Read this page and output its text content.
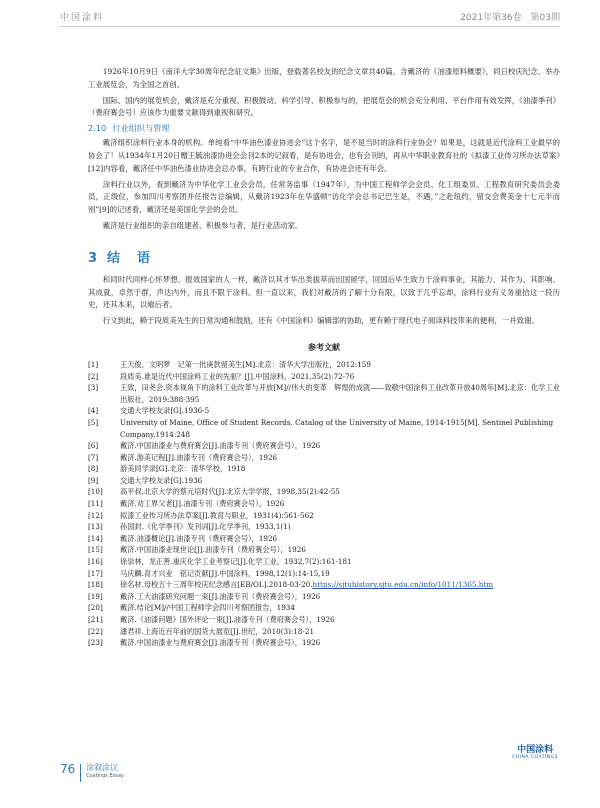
中国涂料	2021年第36卷　第03期

1926年10月9日《南洋大学30周年纪念征文集》出版，登载著名校友的纪念文章共40篇，含戴济的《油漆原料概要》，同日校庆纪念、举办工业展览会，为全国之首创。

国际、国内的展览机会，戴济是充分重视、积极鼓动、科学引导、积极参与的，把展览会的机会充分利用、平台作用有效发挥，《油漆季刊》（费府赛会号）应该作为重要文献得到重视和研究。

2.10 行业组织与管理

戴济组织涂料行业本身的机构。单纯看“中华油色漆业协进会”这个名字，是不是当时的涂料行业协会？如果是，这就是近代涂料工业最早的协会了！从1934年1月20日赠王毓油漆协进会会刊2本的记叙看，是有协进会，也有会刊的，再从中华职业教育社的《拟漆工业传习所办法草案》[12]内容看，戴济任中华油色漆业协进会总办事，有跨行业的专业合作，有协进会还有年会。

涂料行业以外，查到戴济为中华化学工业会会员，任常务监事（1947年），为中国工程师学会会员、化工组委员、工程教育研究委员会委员，正级位，参加四川考察团并任报告总编辑，从戴济1923年在华盛顿“访化学会总书记巴生是，不遇，”之赴纽约，留交会费美金十七元半而别”[9]的记述看，戴济还是美国化学会的会员。

戴济是行业组织的亲自组建者、积极参与者，是行业活动家。

3 结　语

和同时代同样心怀梦想、报效国家的人一样，戴济以其才华出类拔萃而出国留学，回国后毕生致力于涂料事业，其能力、其作为、其影响、其成就，卓然于群，声达内外，而且不限于涂料。但一直以来，我们对戴济的了解十分有限，以致于几乎忘却，涂料行业有义务重拾这一段历史，还其本来，以飨后者。

行文到此，赖于段质美先生的日常沟通和鼓励，还有《中国涂料》编辑部的协助，更有赖于现代电子阅读科技带来的便利，一并致谢。

参考文献
[1]	王天俊，文明梦　记第一批庚款留美生[M].北京：清华大学出版社，2012:159
[2]	段质美.谁是近代中国涂料工业的先驱？[J].中国涂料，2021,35(2):72-76
[3]	王致，田尧会.资本视角下的涂料工业改革与开放[M]//伟大的变革　辉煌的成就——致敬中国涂料工业改革开放40周年[M].北京：化学工业出版社，2019:388-395
[4]	交通大学校友录[G].1936-5
[5]	University of Maine, Office of Student Records. Catalog of the University of Maine, 1914-1915[M]. Sentinel Publishing Company,1914:248
[6]	戴济.中国油漆业与费府赛会[J].油漆专刊（费府赛会号），1926
[7]	戴济.游美记程[J].油漆专刊（费府赛会号），1926
[8]	游美同学录[G].北京：清华学校，1918
[9]	交通大学校友录[G].1936
[10]	高平叔.北京大学的蔡元培时代[J].北京大学学报，1998,35(2):42-55
[11]	戴济.劝工界父老[J].油漆专刊（费府赛会号），1926
[12]	拟漆工业传习所办法草案[J].教育与职业，1931(4):561-562
[13]	孙国封.《化学季刊》发刊词[J].化学季刊，1933,1(1)
[14]	戴济.油漆概论[J].油漆专刊（费府赛会号），1926
[15]	戴济.中国油漆业现世论[J].油漆专刊（费府赛会号），1926
[16]	徐崇林，龙正善.重庆化学工业考察记[J].化学工业，1932,7(2):161-181
[17]	马庆麟.育才兴业　铭记贡献[J].中国涂料，1998,12(1):14-15,19
[18]	徐名材.母校五十三周年校庆纪念感言[EB/OL].2018-03-20.https://sjtuhistory.sjtu.edu.cn/info/1011/1365.htm
[19]	戴济.工大油漆研究问题一束[J].油漆专刊（费府赛会号），1926
[20]	戴济.结论[M]//中国工程师学会四川考察团报告，1934
[21]	戴济.《油漆问题》国外评论一束[J].油漆专刊（费府赛会号），1926
[22]	潘君祥.上海近百年前的国货大展览[J].世纪，2010(3):18-21
[23]	戴济.中国油漆业与费府赛会[J].油漆专刊（费府赛会号），1926
中国涂料
CHINA COATINGS
76 涂叙涂议
Coatings Essay
